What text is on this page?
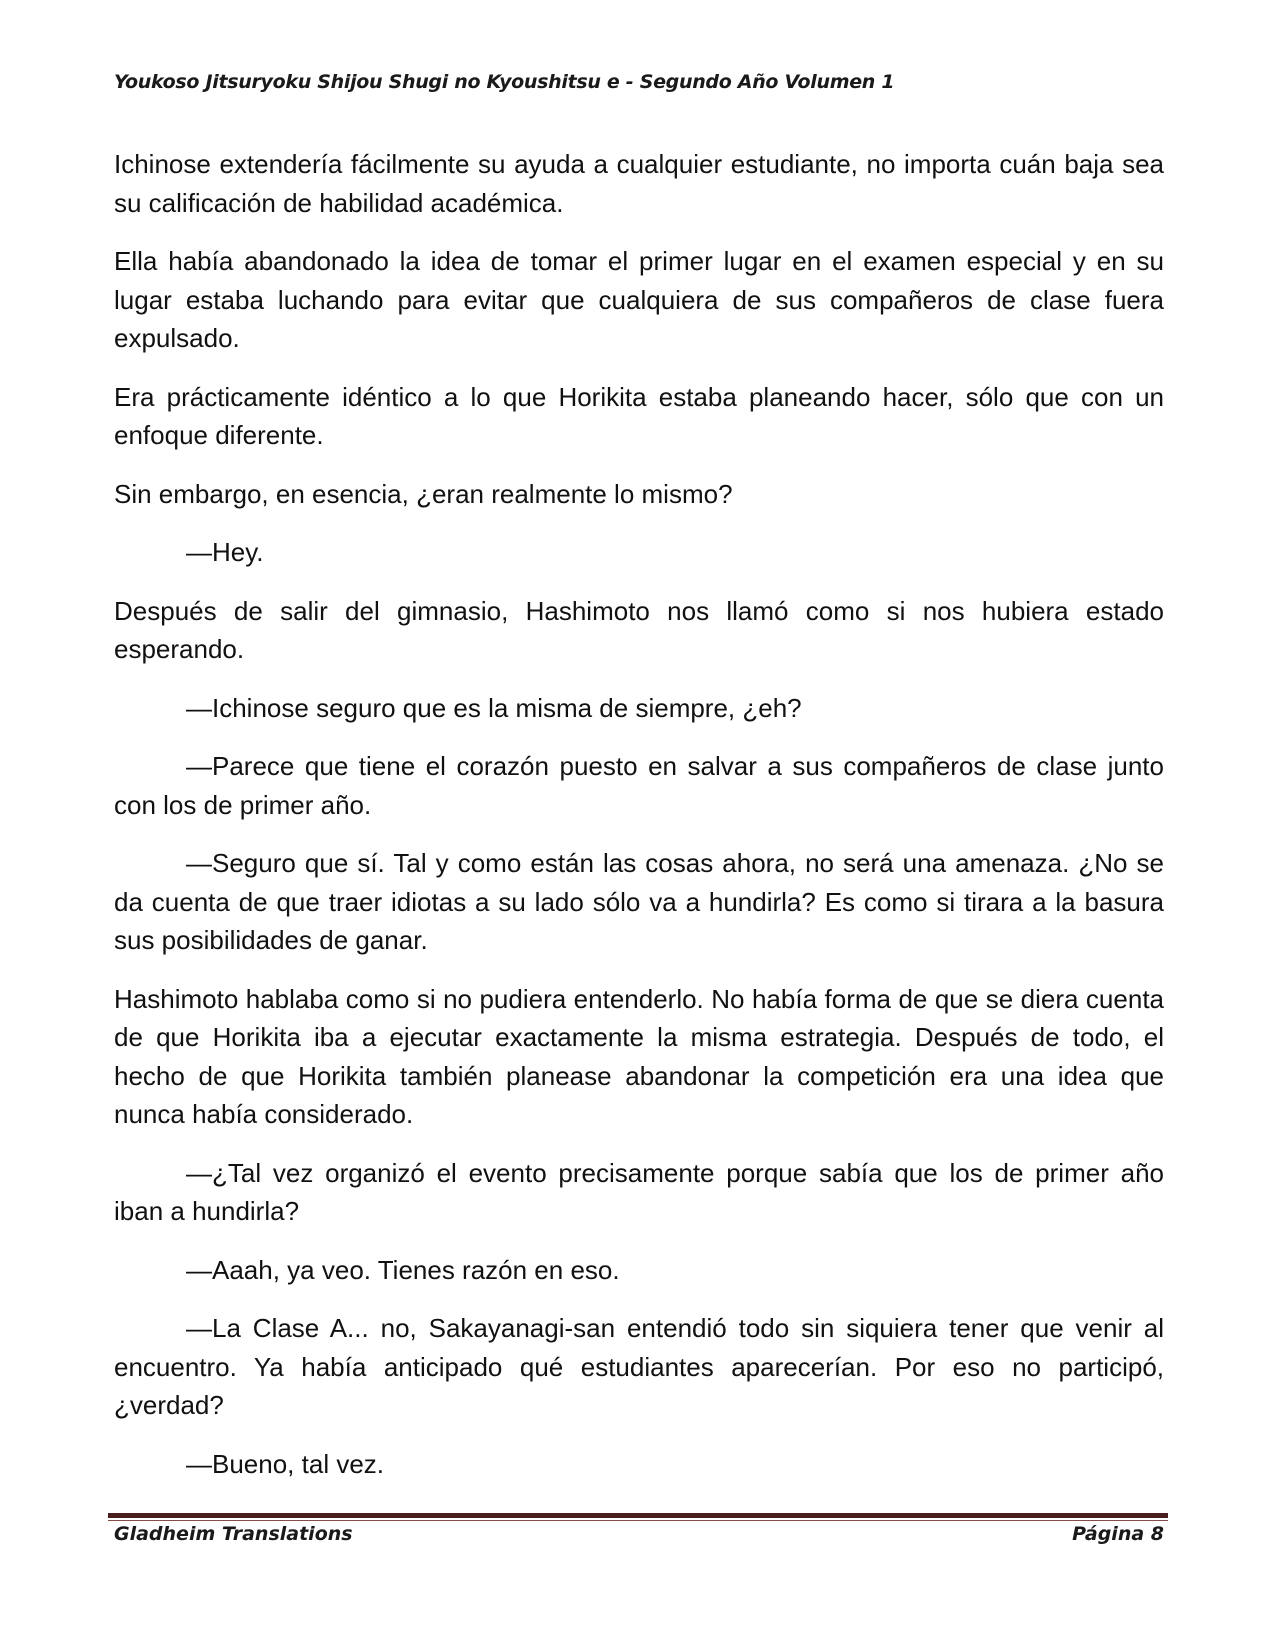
Youkoso Jitsuryoku Shijou Shugi no Kyoushitsu e - Segundo Año Volumen 1

Ichinose extendería fácilmente su ayuda a cualquier estudiante, no importa cuán baja sea su calificación de habilidad académica.

Ella había abandonado la idea de tomar el primer lugar en el examen especial y en su lugar estaba luchando para evitar que cualquiera de sus compañeros de clase fuera expulsado.

Era prácticamente idéntico a lo que Horikita estaba planeando hacer, sólo que con un enfoque diferente.

Sin embargo, en esencia, ¿eran realmente lo mismo?

—Hey.

Después de salir del gimnasio, Hashimoto nos llamó como si nos hubiera estado esperando.

—Ichinose seguro que es la misma de siempre, ¿eh?

—Parece que tiene el corazón puesto en salvar a sus compañeros de clase junto con los de primer año.

—Seguro que sí. Tal y como están las cosas ahora, no será una amenaza. ¿No se da cuenta de que traer idiotas a su lado sólo va a hundirla? Es como si tirara a la basura sus posibilidades de ganar.

Hashimoto hablaba como si no pudiera entenderlo. No había forma de que se diera cuenta de que Horikita iba a ejecutar exactamente la misma estrategia. Después de todo, el hecho de que Horikita también planease abandonar la competición era una idea que nunca había considerado.

—¿Tal vez organizó el evento precisamente porque sabía que los de primer año iban a hundirla?

—Aaah, ya veo. Tienes razón en eso.

—La Clase A... no, Sakayanagi-san entendió todo sin siquiera tener que venir al encuentro. Ya había anticipado qué estudiantes aparecerían. Por eso no participó, ¿verdad?

—Bueno, tal vez.

Gladheim Translations	Página 8
